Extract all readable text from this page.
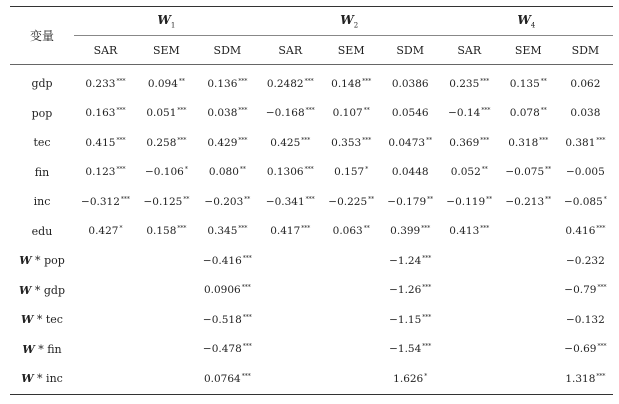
变量	$W_1$			$W_2$			$W_4$
	SAR	SEM	SDM	SAR	SEM	SDM	SAR	SEM	SDM
gdp	0.233***	0.094**	0.136***	0.2482***	0.148***	0.0386	0.235***	0.135**	0.062
pop	0.163***	0.051***	0.038***	−0.168***	0.107**	0.0546	−0.14***	0.078**	0.038
tec	0.415***	0.258***	0.429***	0.425***	0.353***	0.0473**	0.369***	0.318***	0.381***
fin	0.123***	−0.106*	0.080**	0.1306***	0.157*	0.0448	0.052**	−0.075**	−0.005
inc	−0.312***	−0.125**	−0.203**	−0.341***	−0.225**	−0.179**	−0.119**	−0.213**	−0.085*
edu	0.427*	0.158***	0.345***	0.417***	0.063**	0.399***	0.413***		0.416***
W * pop			−0.416***			−1.24***			−0.232
W * gdp			0.0906***			−1.26***			−0.79***
W * tec			−0.518***			−1.15***			−0.132
W * fin			−0.478***			−1.54***			−0.69***
W * inc			0.0764***			1.626*			1.318***
